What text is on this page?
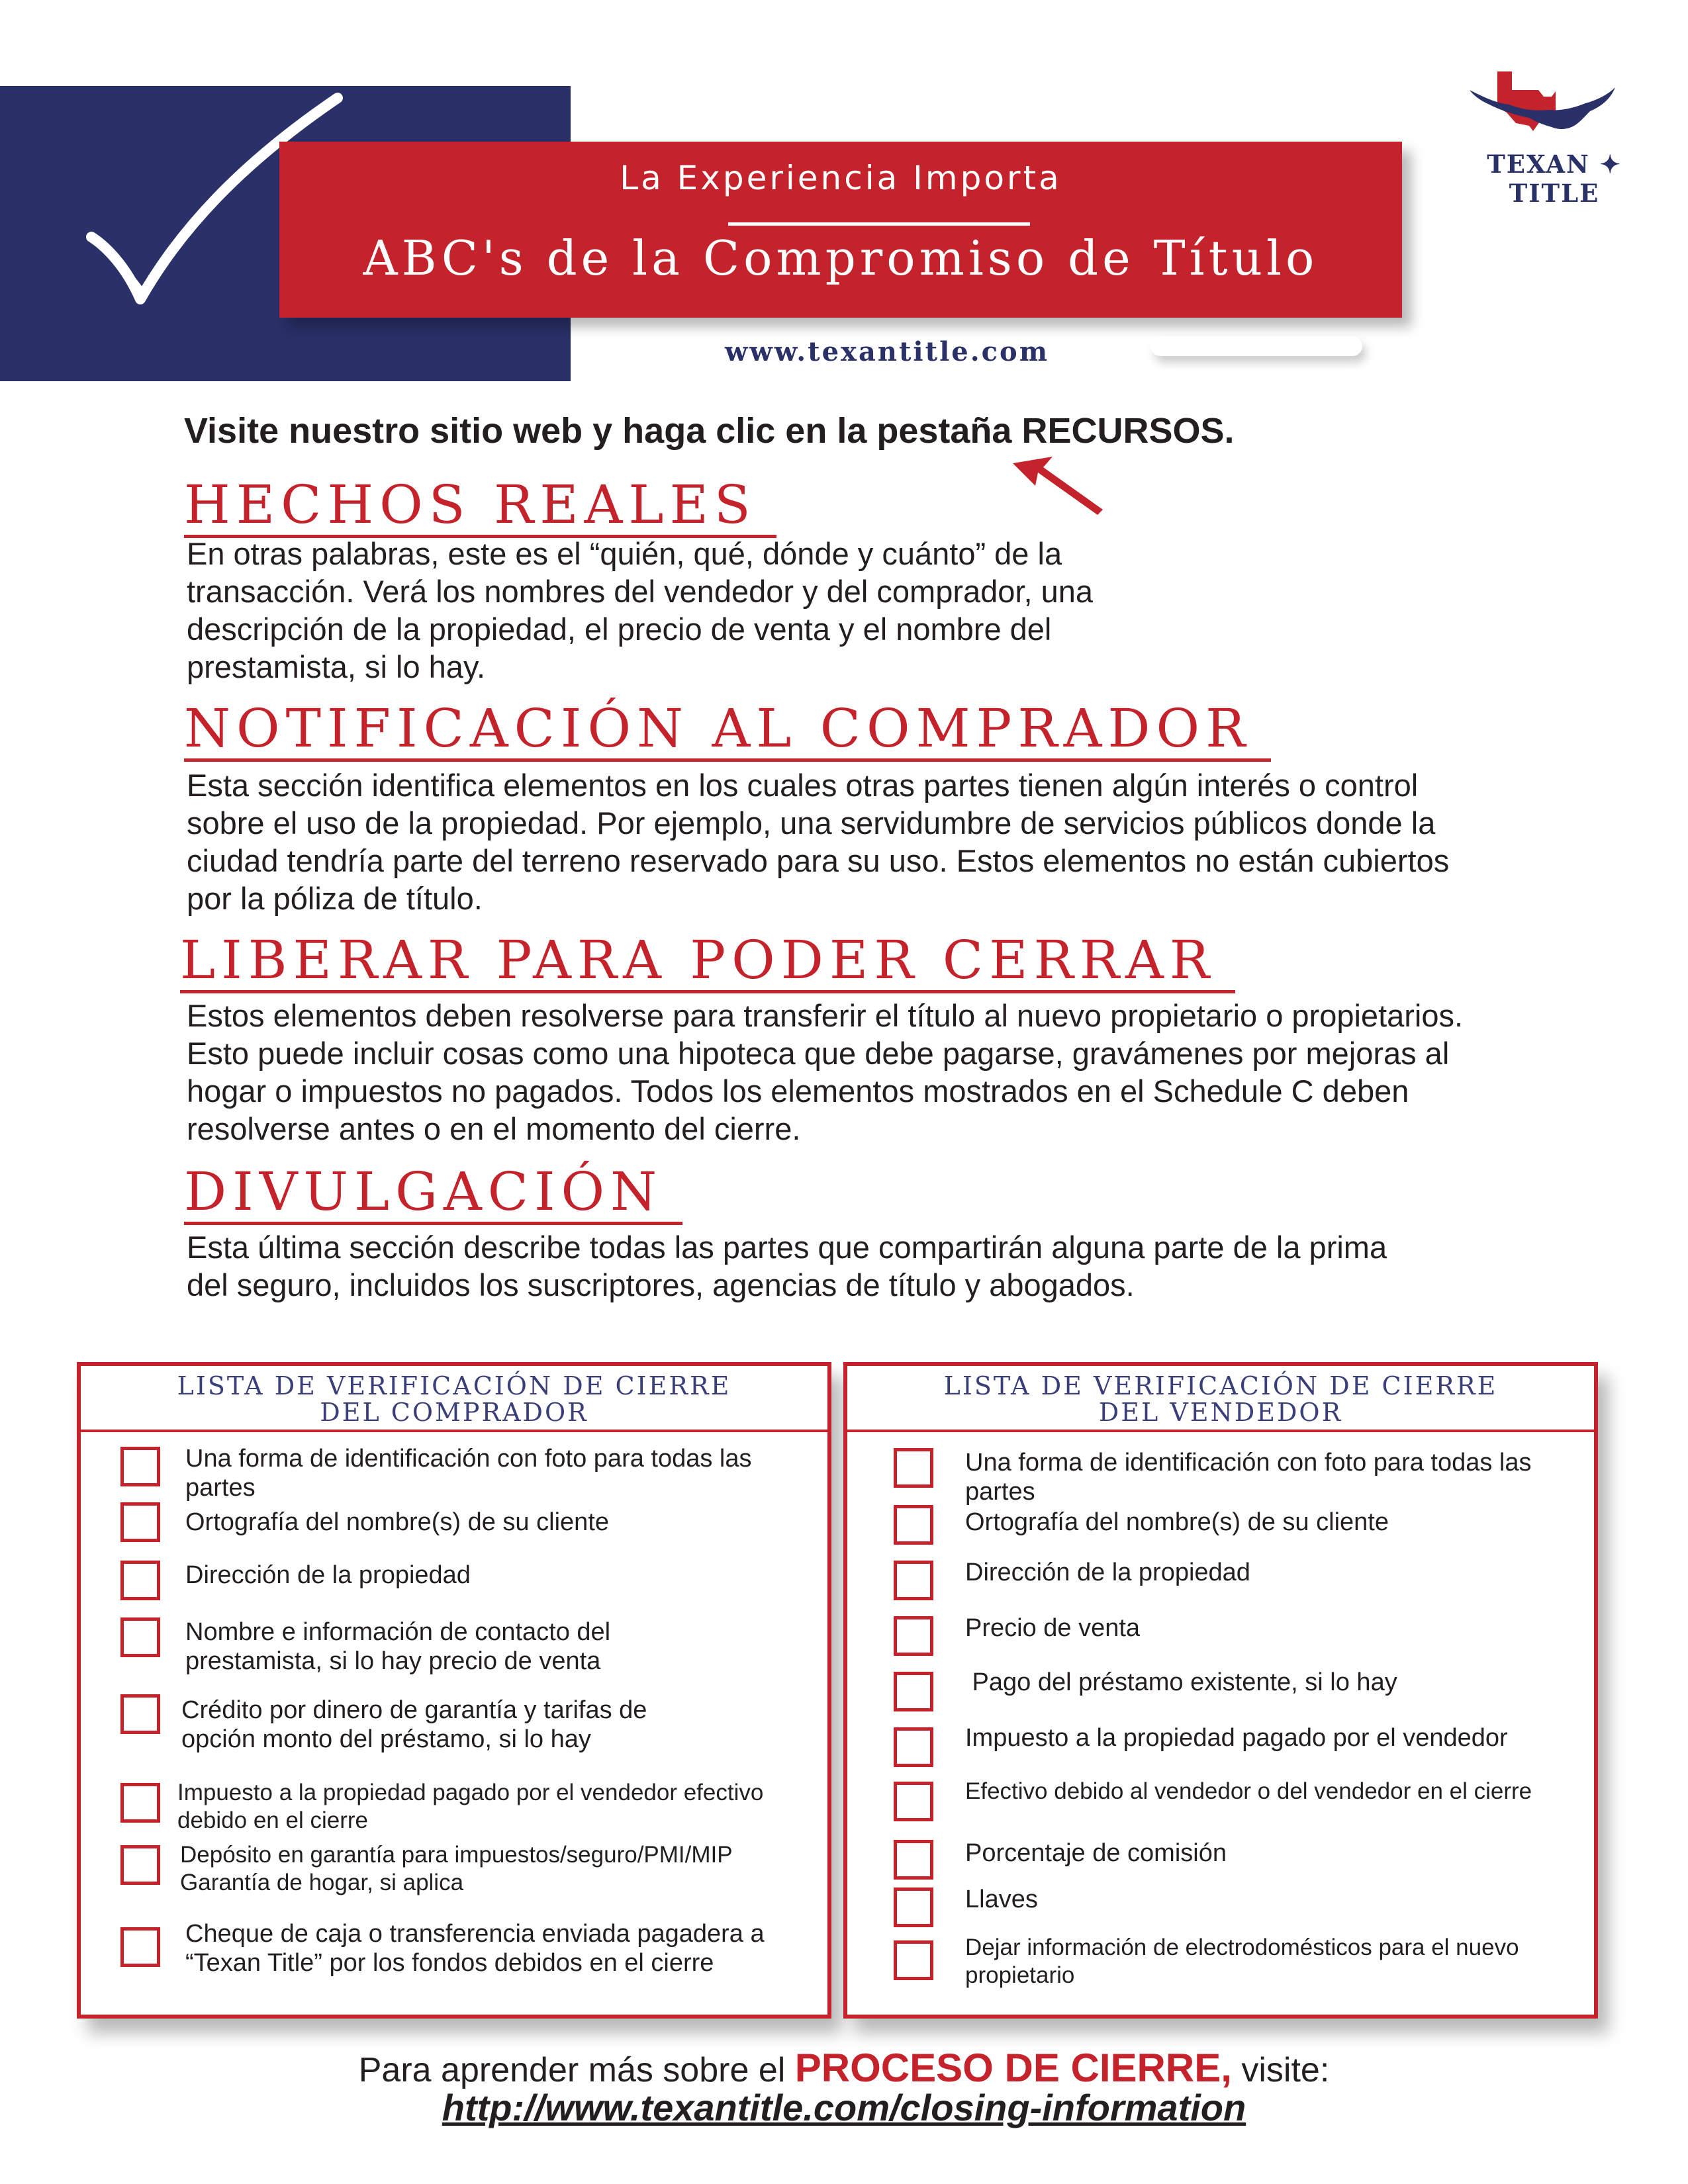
La Experiencia Importa
ABC's de la Compromiso de Título
www.texantitle.com
TEXAN ✦ TITLE
Visite nuestro sitio web y haga clic en la pestaña RECURSOS.
HECHOS REALES
En otras palabras, este es el “quién, qué, dónde y cuánto” de la transacción. Verá los nombres del vendedor y del comprador, una descripción de la propiedad, el precio de venta y el nombre del prestamista, si lo hay.
NOTIFICACIÓN AL COMPRADOR
Esta sección identifica elementos en los cuales otras partes tienen algún interés o control sobre el uso de la propiedad. Por ejemplo, una servidumbre de servicios públicos donde la ciudad tendría parte del terreno reservado para su uso. Estos elementos no están cubiertos por la póliza de título.
LIBERAR PARA PODER CERRAR
Estos elementos deben resolverse para transferir el título al nuevo propietario o propietarios. Esto puede incluir cosas como una hipoteca que debe pagarse, gravámenes por mejoras al hogar o impuestos no pagados. Todos los elementos mostrados en el Schedule C deben resolverse antes o en el momento del cierre.
DIVULGACIÓN
Esta última sección describe todas las partes que compartirán alguna parte de la prima del seguro, incluidos los suscriptores, agencias de título y abogados.
LISTA DE VERIFICACIÓN DE CIERRE
DEL COMPRADOR
Una forma de identificación con foto para todas las partes
Ortografía del nombre(s) de su cliente
Dirección de la propiedad
Nombre e información de contacto del prestamista, si lo hay precio de venta
Crédito por dinero de garantía y tarifas de opción monto del préstamo, si lo hay
Impuesto a la propiedad pagado por el vendedor efectivo debido en el cierre
Depósito en garantía para impuestos/seguro/PMI/MIP Garantía de hogar, si aplica
Cheque de caja o transferencia enviada pagadera a “Texan Title” por los fondos debidos en el cierre
LISTA DE VERIFICACIÓN DE CIERRE
DEL VENDEDOR
Una forma de identificación con foto para todas las partes
Ortografía del nombre(s) de su cliente
Dirección de la propiedad
Precio de venta
Pago del préstamo existente, si lo hay
Impuesto a la propiedad pagado por el vendedor
Efectivo debido al vendedor o del vendedor en el cierre
Porcentaje de comisión
Llaves
Dejar información de electrodomésticos para el nuevo propietario
Para aprender más sobre el PROCESO DE CIERRE, visite:
http://www.texantitle.com/closing-information
